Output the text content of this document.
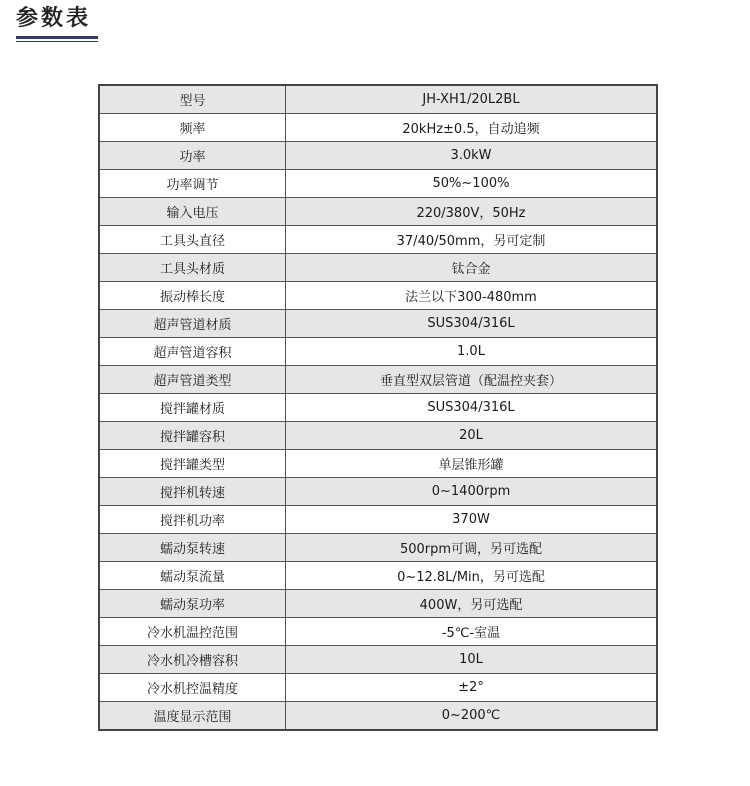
参数表
型号	JH-XH1/20L2BL
频率	20kHz±0.5，自动追频
功率	3.0kW
功率调节	50%~100%
输入电压	220/380V，50Hz
工具头直径	37/40/50mm，另可定制
工具头材质	钛合金
振动棒长度	法兰以下300-480mm
超声管道材质	SUS304/316L
超声管道容积	1.0L
超声管道类型	垂直型双层管道（配温控夹套）
搅拌罐材质	SUS304/316L
搅拌罐容积	20L
搅拌罐类型	单层锥形罐
搅拌机转速	0~1400rpm
搅拌机功率	370W
蠕动泵转速	500rpm可调，另可选配
蠕动泵流量	0~12.8L/Min，另可选配
蠕动泵功率	400W，另可选配
冷水机温控范围	-5℃-室温
冷水机冷槽容积	10L
冷水机控温精度	±2°
温度显示范围	0~200℃
